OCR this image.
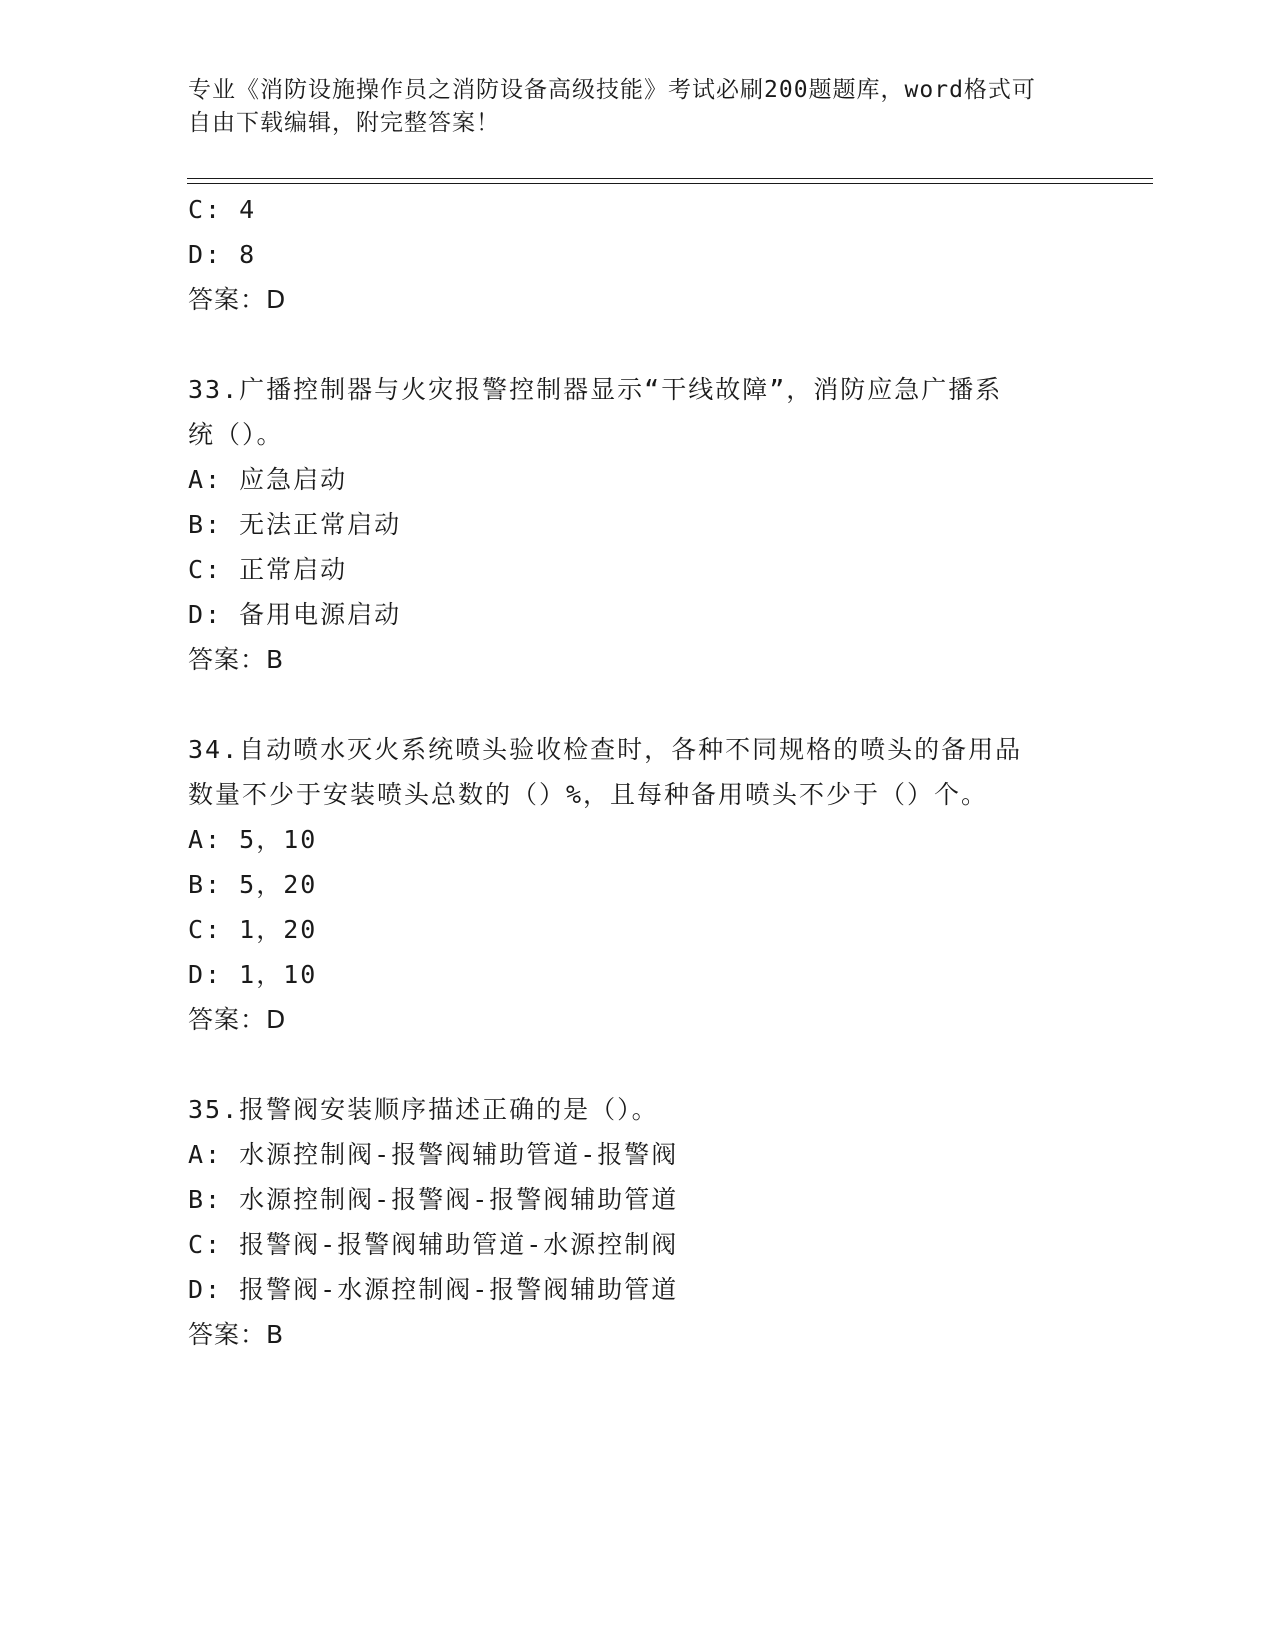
专业《消防设施操作员之消防设备高级技能》考试必刷200题题库，word格式可
自由下载编辑，附完整答案！
C: 4
D: 8
答案：D
33.广播控制器与火灾报警控制器显示“干线故障”，消防应急广播系
统（）。
A: 应急启动
B: 无法正常启动
C: 正常启动
D: 备用电源启动
答案：B
34.自动喷水灭火系统喷头验收检查时，各种不同规格的喷头的备用品
数量不少于安装喷头总数的（）%，且每种备用喷头不少于（）个。
A: 5，10
B: 5，20
C: 1，20
D: 1，10
答案：D
35.报警阀安装顺序描述正确的是（）。
A: 水源控制阀-报警阀辅助管道-报警阀
B: 水源控制阀-报警阀-报警阀辅助管道
C: 报警阀-报警阀辅助管道-水源控制阀
D: 报警阀-水源控制阀-报警阀辅助管道
答案：B
